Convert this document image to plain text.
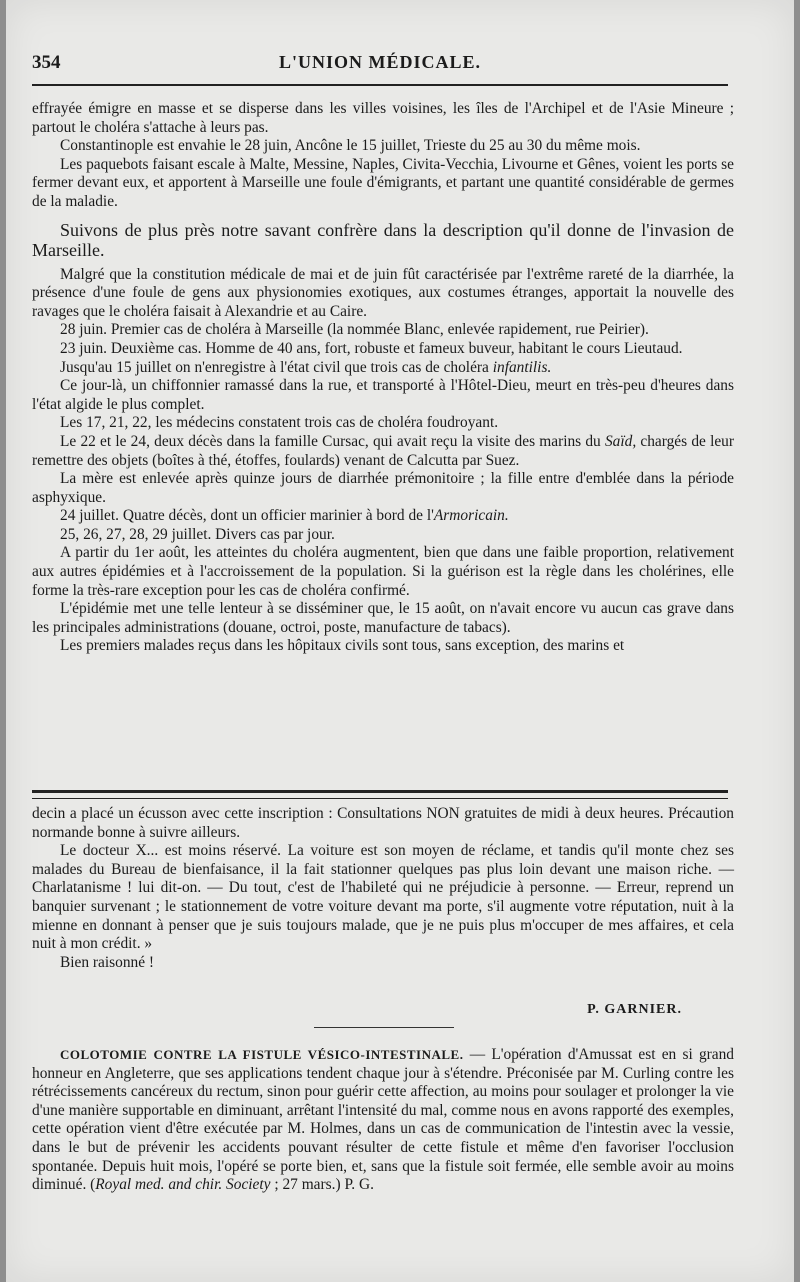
354	L'UNION MÉDICALE.

effrayée émigre en masse et se disperse dans les villes voisines, les îles de l'Archipel et de l'Asie Mineure ; partout le choléra s'attache à leurs pas.

Constantinople est envahie le 28 juin, Ancône le 15 juillet, Trieste du 25 au 30 du même mois.

Les paquebots faisant escale à Malte, Messine, Naples, Civita-Vecchia, Livourne et Gênes, voient les ports se fermer devant eux, et apportent à Marseille une foule d'émigrants, et partant une quantité considérable de germes de la maladie.

Suivons de plus près notre savant confrère dans la description qu'il donne de l'invasion de Marseille.

Malgré que la constitution médicale de mai et de juin fût caractérisée par l'extrême rareté de la diarrhée, la présence d'une foule de gens aux physionomies exotiques, aux costumes étranges, apportait la nouvelle des ravages que le choléra faisait à Alexandrie et au Caire.

28 juin. Premier cas de choléra à Marseille (la nommée Blanc, enlevée rapidement, rue Peirier).

23 juin. Deuxième cas. Homme de 40 ans, fort, robuste et fameux buveur, habitant le cours Lieutaud.

Jusqu'au 15 juillet on n'enregistre à l'état civil que trois cas de choléra infantilis.

Ce jour-là, un chiffonnier ramassé dans la rue, et transporté à l'Hôtel-Dieu, meurt en très-peu d'heures dans l'état algide le plus complet.

Les 17, 21, 22, les médecins constatent trois cas de choléra foudroyant.

Le 22 et le 24, deux décès dans la famille Cursac, qui avait reçu la visite des marins du Saïd, chargés de leur remettre des objets (boîtes à thé, étoffes, foulards) venant de Calcutta par Suez.

La mère est enlevée après quinze jours de diarrhée prémonitoire ; la fille entre d'emblée dans la période asphyxique.

24 juillet. Quatre décès, dont un officier marinier à bord de l'Armoricain.

25, 26, 27, 28, 29 juillet. Divers cas par jour.

A partir du 1er août, les atteintes du choléra augmentent, bien que dans une faible proportion, relativement aux autres épidémies et à l'accroissement de la population. Si la guérison est la règle dans les cholérines, elle forme la très-rare exception pour les cas de choléra confirmé.

L'épidémie met une telle lenteur à se disséminer que, le 15 août, on n'avait encore vu aucun cas grave dans les principales administrations (douane, octroi, poste, manufacture de tabacs).

Les premiers malades reçus dans les hôpitaux civils sont tous, sans exception, des marins et

decin a placé un écusson avec cette inscription : Consultations NON gratuites de midi à deux heures. Précaution normande bonne à suivre ailleurs.

Le docteur X... est moins réservé. La voiture est son moyen de réclame, et tandis qu'il monte chez ses malades du Bureau de bienfaisance, il la fait stationner quelques pas plus loin devant une maison riche. — Charlatanisme ! lui dit-on. — Du tout, c'est de l'habileté qui ne préjudicie à personne. — Erreur, reprend un banquier survenant ; le stationnement de votre voiture devant ma porte, s'il augmente votre réputation, nuit à la mienne en donnant à penser que je suis toujours malade, que je ne puis plus m'occuper de mes affaires, et cela nuit à mon crédit. »

Bien raisonné !

P. GARNIER.

COLOTOMIE CONTRE LA FISTULE VÉSICO-INTESTINALE. — L'opération d'Amussat est en si grand honneur en Angleterre, que ses applications tendent chaque jour à s'étendre. Préconisée par M. Curling contre les rétrécissements cancéreux du rectum, sinon pour guérir cette affection, au moins pour soulager et prolonger la vie d'une manière supportable en diminuant, arrêtant l'intensité du mal, comme nous en avons rapporté des exemples, cette opération vient d'être exécutée par M. Holmes, dans un cas de communication de l'intestin avec la vessie, dans le but de prévenir les accidents pouvant résulter de cette fistule et même d'en favoriser l'occlusion spontanée. Depuis huit mois, l'opéré se porte bien, et, sans que la fistule soit fermée, elle semble avoir au moins diminué. (Royal med. and chir. Society ; 27 mars.) P. G.
